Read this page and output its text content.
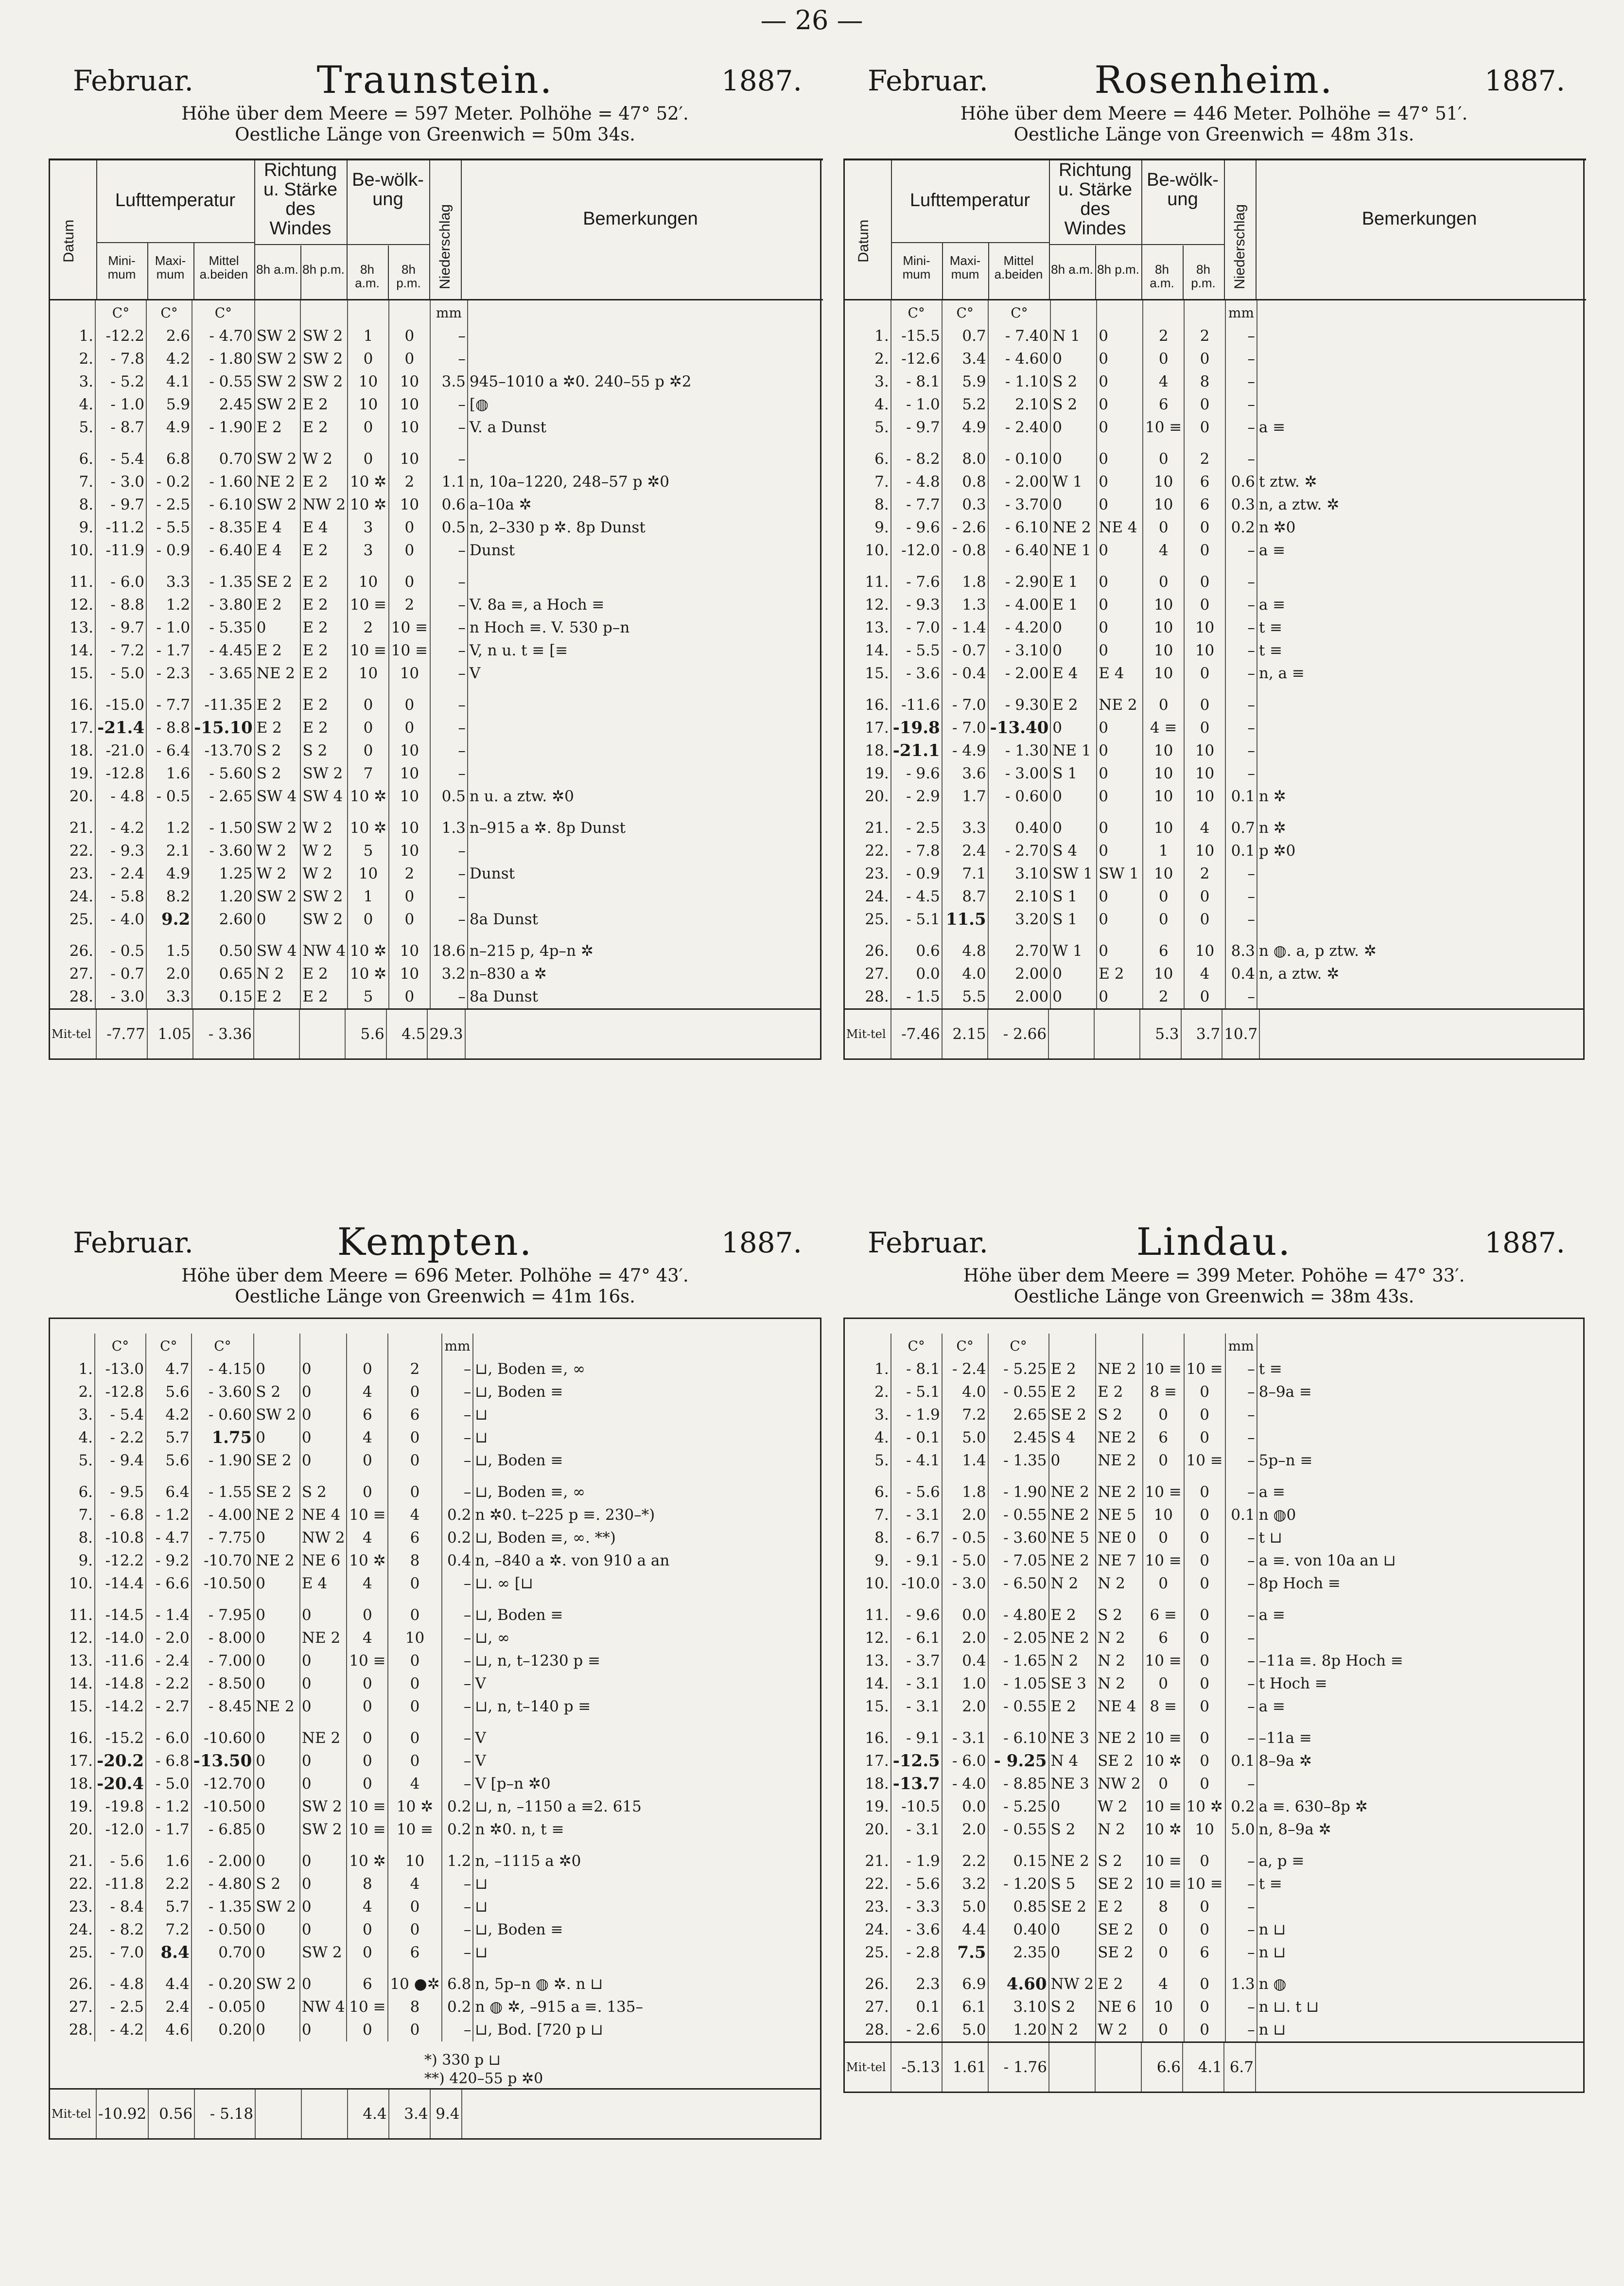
— 26 —
Februar.	Traunstein.	1887.
Höhe über dem Meere = 597 Meter. Polhöhe = 47° 52′.
Oestliche Länge von Greenwich = 50m 34s.
Datum
Lufttemperatur
Mini-mum
Maxi-mum
Mittel a.beiden
Richtung u. Stärke des Windes
8h a.m. 8h p.m.
Be-wölk-ung
8h a.m.
8h p.m.	Niederschlag	Bemerkungen
	C°	C°	C°					mm	
1.	-12.2	2.6	- 4.70	SW 2	SW 2	1	0	–	
2.	- 7.8	4.2	- 1.80	SW 2	SW 2	0	0	–	
3.	- 5.2	4.1	- 0.55	SW 2	SW 2	10	10	3.5	945–1010 a ✲0. 240–55 p ✲2
4.	- 1.0	5.9	2.45	SW 2	E 2	10	10	–	[◍
5.	- 8.7	4.9	- 1.90	E 2	E 2	0	10	–	V. a Dunst

6.	- 5.4	6.8	0.70	SW 2	W 2	0	10	–	
7.	- 3.0	- 0.2	- 1.60	NE 2	E 2	10 ✲	2	1.1	n, 10a–1220, 248–57 p ✲0
8.	- 9.7	- 2.5	- 6.10	SW 2	NW 2	10 ✲	10	0.6	a–10a ✲
9.	-11.2	- 5.5	- 8.35	E 4	E 4	3	0	0.5	n, 2–330 p ✲. 8p Dunst
10.	-11.9	- 0.9	- 6.40	E 4	E 2	3	0	–	Dunst

11.	- 6.0	3.3	- 1.35	SE 2	E 2	10	0	–	
12.	- 8.8	1.2	- 3.80	E 2	E 2	10 ≡	2	–	V. 8a ≡, a Hoch ≡
13.	- 9.7	- 1.0	- 5.35	0	E 2	2	10 ≡	–	n Hoch ≡. V. 530 p–n
14.	- 7.2	- 1.7	- 4.45	E 2	E 2	10 ≡	10 ≡	–	V, n u. t ≡ [≡
15.	- 5.0	- 2.3	- 3.65	NE 2	E 2	10	10	–	V

16.	-15.0	- 7.7	-11.35	E 2	E 2	0	0	–	
17.	-21.4	- 8.8	-15.10	E 2	E 2	0	0	–	
18.	-21.0	- 6.4	-13.70	S 2	S 2	0	10	–	
19.	-12.8	1.6	- 5.60	S 2	SW 2	7	10	–	
20.	- 4.8	- 0.5	- 2.65	SW 4	SW 4	10 ✲	10	0.5	n u. a ztw. ✲0

21.	- 4.2	1.2	- 1.50	SW 2	W 2	10 ✲	10	1.3	n–915 a ✲. 8p Dunst
22.	- 9.3	2.1	- 3.60	W 2	W 2	5	10	–	
23.	- 2.4	4.9	1.25	W 2	W 2	10	2	–	Dunst
24.	- 5.8	8.2	1.20	SW 2	SW 2	1	0	–	
25.	- 4.0	9.2	2.60	0	SW 2	0	0	–	8a Dunst

26.	- 0.5	1.5	0.50	SW 4	NW 4	10 ✲	10	18.6	n–215 p, 4p–n ✲
27.	- 0.7	2.0	0.65	N 2	E 2	10 ✲	10	3.2	n–830 a ✲
28.	- 3.0	3.3	0.15	E 2	E 2	5	0	–	8a Dunst
Mit-tel	-7.77	1.05	- 3.36			5.6	4.5	29.3	
Februar.	Rosenheim.	1887.
Höhe über dem Meere = 446 Meter. Polhöhe = 47° 51′.
Oestliche Länge von Greenwich = 48m 31s.
Datum
Lufttemperatur
Mini-mum
Maxi-mum
Mittel a.beiden
Richtung u. Stärke des Windes
8h a.m. 8h p.m.
Be-wölk-ung
8h a.m.
8h p.m.	Niederschlag	Bemerkungen
	C°	C°	C°					mm	
1.	-15.5	0.7	- 7.40	N 1	0	2	2	–	
2.	-12.6	3.4	- 4.60	0	0	0	0	–	
3.	- 8.1	5.9	- 1.10	S 2	0	4	8	–	
4.	- 1.0	5.2	2.10	S 2	0	6	0	–	
5.	- 9.7	4.9	- 2.40	0	0	10 ≡	0	–	a ≡

6.	- 8.2	8.0	- 0.10	0	0	0	2	–	
7.	- 4.8	0.8	- 2.00	W 1	0	10	6	0.6	t ztw. ✲
8.	- 7.7	0.3	- 3.70	0	0	10	6	0.3	n, a ztw. ✲
9.	- 9.6	- 2.6	- 6.10	NE 2	NE 4	0	0	0.2	n ✲0
10.	-12.0	- 0.8	- 6.40	NE 1	0	4	0	–	a ≡

11.	- 7.6	1.8	- 2.90	E 1	0	0	0	–	
12.	- 9.3	1.3	- 4.00	E 1	0	10	0	–	a ≡
13.	- 7.0	- 1.4	- 4.20	0	0	10	10	–	t ≡
14.	- 5.5	- 0.7	- 3.10	0	0	10	10	–	t ≡
15.	- 3.6	- 0.4	- 2.00	E 4	E 4	10	0	–	n, a ≡

16.	-11.6	- 7.0	- 9.30	E 2	NE 2	0	0	–	
17.	-19.8	- 7.0	-13.40	0	0	4 ≡	0	–	
18.	-21.1	- 4.9	- 1.30	NE 1	0	10	10	–	
19.	- 9.6	3.6	- 3.00	S 1	0	10	10	–	
20.	- 2.9	1.7	- 0.60	0	0	10	10	0.1	n ✲

21.	- 2.5	3.3	0.40	0	0	10	4	0.7	n ✲
22.	- 7.8	2.4	- 2.70	S 4	0	1	10	0.1	p ✲0
23.	- 0.9	7.1	3.10	SW 1	SW 1	10	2	–	
24.	- 4.5	8.7	2.10	S 1	0	0	0	–	
25.	- 5.1	11.5	3.20	S 1	0	0	0	–	

26.	0.6	4.8	2.70	W 1	0	6	10	8.3	n ◍. a, p ztw. ✲
27.	0.0	4.0	2.00	0	E 2	10	4	0.4	n, a ztw. ✲
28.	- 1.5	5.5	2.00	0	0	2	0	–	
Mit-tel	-7.46	2.15	- 2.66			5.3	3.7	10.7	
Februar.	Kempten.	1887.
Höhe über dem Meere = 696 Meter. Polhöhe = 47° 43′.
Oestliche Länge von Greenwich = 41m 16s.
	C°	C°	C°					mm	
1.	-13.0	4.7	- 4.15	0	0	0	2	–	⊔, Boden ≡, ∞
2.	-12.8	5.6	- 3.60	S 2	0	4	0	–	⊔, Boden ≡
3.	- 5.4	4.2	- 0.60	SW 2	0	6	6	–	⊔
4.	- 2.2	5.7	1.75	0	0	4	0	–	⊔
5.	- 9.4	5.6	- 1.90	SE 2	0	0	0	–	⊔, Boden ≡

6.	- 9.5	6.4	- 1.55	SE 2	S 2	0	0	–	⊔, Boden ≡, ∞
7.	- 6.8	- 1.2	- 4.00	NE 2	NE 4	10 ≡	4	0.2	n ✲0. t–225 p ≡. 230–*)
8.	-10.8	- 4.7	- 7.75	0	NW 2	4	6	0.2	⊔, Boden ≡, ∞. **)
9.	-12.2	- 9.2	-10.70	NE 2	NE 6	10 ✲	8	0.4	n, –840 a ✲. von 910 a an
10.	-14.4	- 6.6	-10.50	0	E 4	4	0	–	⊔. ∞ [⊔

11.	-14.5	- 1.4	- 7.95	0	0	0	0	–	⊔, Boden ≡
12.	-14.0	- 2.0	- 8.00	0	NE 2	4	10	–	⊔, ∞
13.	-11.6	- 2.4	- 7.00	0	0	10 ≡	0	–	⊔, n, t–1230 p ≡
14.	-14.8	- 2.2	- 8.50	0	0	0	0	–	V
15.	-14.2	- 2.7	- 8.45	NE 2	0	0	0	–	⊔, n, t–140 p ≡

16.	-15.2	- 6.0	-10.60	0	NE 2	0	0	–	V
17.	-20.2	- 6.8	-13.50	0	0	0	0	–	V
18.	-20.4	- 5.0	-12.70	0	0	0	4	–	V [p–n ✲0
19.	-19.8	- 1.2	-10.50	0	SW 2	10 ≡	10 ✲	0.2	⊔, n, –1150 a ≡2. 615
20.	-12.0	- 1.7	- 6.85	0	SW 2	10 ≡	10 ≡	0.2	n ✲0. n, t ≡

21.	- 5.6	1.6	- 2.00	0	0	10 ✲	10	1.2	n, –1115 a ✲0
22.	-11.8	2.2	- 4.80	S 2	0	8	4	–	⊔
23.	- 8.4	5.7	- 1.35	SW 2	0	4	0	–	⊔
24.	- 8.2	7.2	- 0.50	0	0	0	0	–	⊔, Boden ≡
25.	- 7.0	8.4	0.70	0	SW 2	0	6	–	⊔

26.	- 4.8	4.4	- 0.20	SW 2	0	6	10 ●✲	6.8	n, 5p–n ◍ ✲. n ⊔
27.	- 2.5	2.4	- 0.05	0	NW 4	10 ≡	8	0.2	n ◍ ✲, –915 a ≡. 135–
28.	- 4.2	4.6	0.20	0	0	0	0	–	⊔, Bod. [720 p ⊔
*) 330 p ⊔
**) 420–55 p ✲0
Mit-tel	-10.92	0.56	- 5.18			4.4	3.4	9.4	
Februar.	Lindau.	1887.
Höhe über dem Meere = 399 Meter. Pohöhe = 47° 33′.
Oestliche Länge von Greenwich = 38m 43s.
	C°	C°	C°					mm	
1.	- 8.1	- 2.4	- 5.25	E 2	NE 2	10 ≡	10 ≡	–	t ≡
2.	- 5.1	4.0	- 0.55	E 2	E 2	8 ≡	0	–	8–9a ≡
3.	- 1.9	7.2	2.65	SE 2	S 2	0	0	–	
4.	- 0.1	5.0	2.45	S 4	NE 2	6	0	–	
5.	- 4.1	1.4	- 1.35	0	NE 2	0	10 ≡	–	5p–n ≡

6.	- 5.6	1.8	- 1.90	NE 2	NE 2	10 ≡	0	–	a ≡
7.	- 3.1	2.0	- 0.55	NE 2	NE 5	10	0	0.1	n ◍0
8.	- 6.7	- 0.5	- 3.60	NE 5	NE 0	0	0	–	t ⊔
9.	- 9.1	- 5.0	- 7.05	NE 2	NE 7	10 ≡	0	–	a ≡. von 10a an ⊔
10.	-10.0	- 3.0	- 6.50	N 2	N 2	0	0	–	8p Hoch ≡

11.	- 9.6	0.0	- 4.80	E 2	S 2	6 ≡	0	–	a ≡
12.	- 6.1	2.0	- 2.05	NE 2	N 2	6	0	–	
13.	- 3.7	0.4	- 1.65	N 2	N 2	10 ≡	0	–	–11a ≡. 8p Hoch ≡
14.	- 3.1	1.0	- 1.05	SE 3	N 2	0	0	–	t Hoch ≡
15.	- 3.1	2.0	- 0.55	E 2	NE 4	8 ≡	0	–	a ≡

16.	- 9.1	- 3.1	- 6.10	NE 3	NE 2	10 ≡	0	–	–11a ≡
17.	-12.5	- 6.0	- 9.25	N 4	SE 2	10 ✲	0	0.1	8–9a ✲
18.	-13.7	- 4.0	- 8.85	NE 3	NW 2	0	0	–	
19.	-10.5	0.0	- 5.25	0	W 2	10 ≡	10 ✲	0.2	a ≡. 630–8p ✲
20.	- 3.1	2.0	- 0.55	S 2	N 2	10 ✲	10	5.0	n, 8–9a ✲

21.	- 1.9	2.2	0.15	NE 2	S 2	10 ≡	0	–	a, p ≡
22.	- 5.6	3.2	- 1.20	S 5	SE 2	10 ≡	10 ≡	–	t ≡
23.	- 3.3	5.0	0.85	SE 2	E 2	8	0	–	
24.	- 3.6	4.4	0.40	0	SE 2	0	0	–	n ⊔
25.	- 2.8	7.5	2.35	0	SE 2	0	6	–	n ⊔

26.	2.3	6.9	4.60	NW 2	E 2	4	0	1.3	n ◍
27.	0.1	6.1	3.10	S 2	NE 6	10	0	–	n ⊔. t ⊔
28.	- 2.6	5.0	1.20	N 2	W 2	0	0	–	n ⊔
Mit-tel	-5.13	1.61	- 1.76			6.6	4.1	6.7	
